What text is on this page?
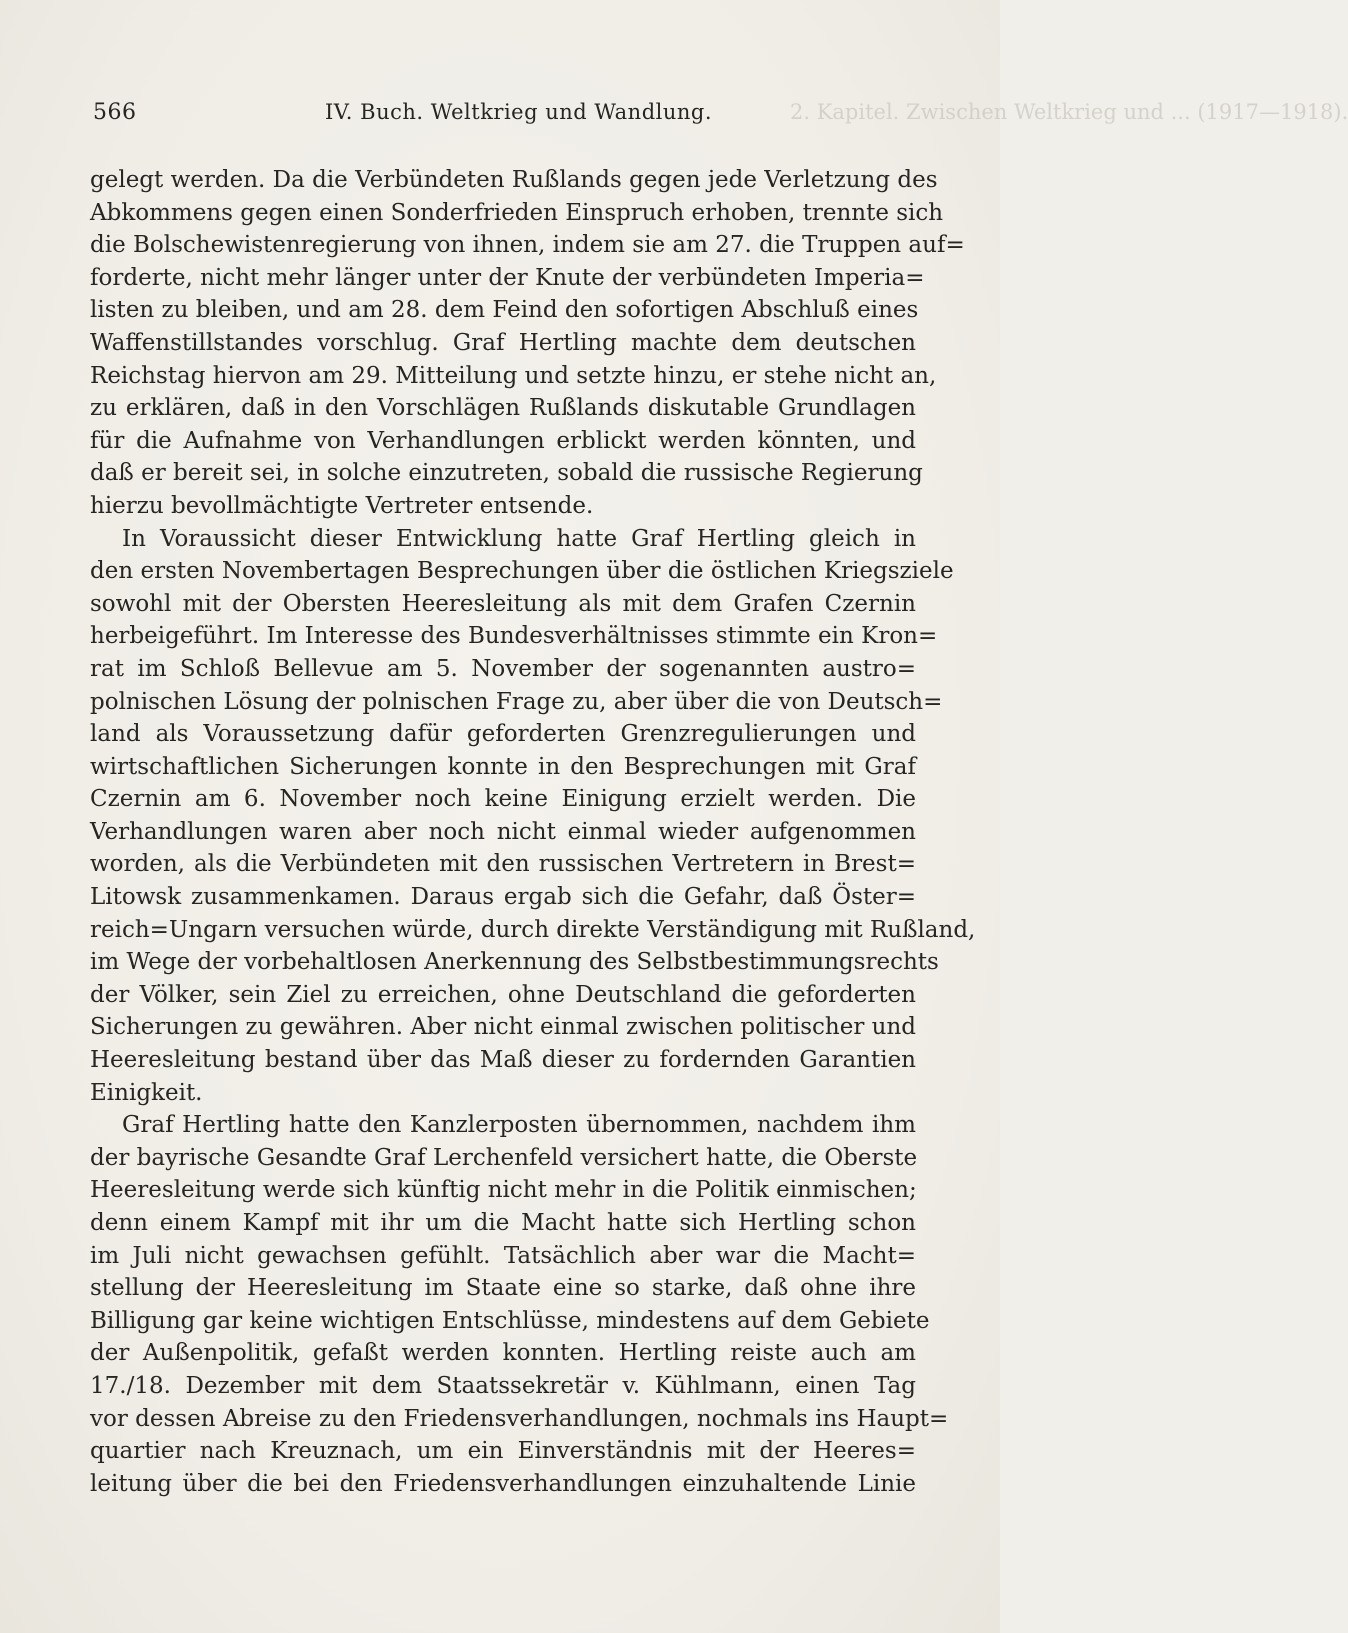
566	IV. Buch. Weltkrieg und Wandlung.	2. Kapitel. Zwischen Weltkrieg und ... (1917—1918).
gelegt werden. Da die Verbündeten Rußlands gegen jede Verletzung des
Abkommens gegen einen Sonderfrieden Einspruch erhoben, trennte sich
die Bolschewistenregierung von ihnen, indem sie am 27. die Truppen auf=
forderte, nicht mehr länger unter der Knute der verbündeten Imperia=
listen zu bleiben, und am 28. dem Feind den sofortigen Abschluß eines
Waffenstillstandes vorschlug. Graf Hertling machte dem deutschen
Reichstag hiervon am 29. Mitteilung und setzte hinzu, er stehe nicht an,
zu erklären, daß in den Vorschlägen Rußlands diskutable Grundlagen
für die Aufnahme von Verhandlungen erblickt werden könnten, und
daß er bereit sei, in solche einzutreten, sobald die russische Regierung
hierzu bevollmächtigte Vertreter entsende.
In Voraussicht dieser Entwicklung hatte Graf Hertling gleich in
den ersten Novembertagen Besprechungen über die östlichen Kriegsziele
sowohl mit der Obersten Heeresleitung als mit dem Grafen Czernin
herbeigeführt. Im Interesse des Bundesverhältnisses stimmte ein Kron=
rat im Schloß Bellevue am 5. November der sogenannten austro=
polnischen Lösung der polnischen Frage zu, aber über die von Deutsch=
land als Voraussetzung dafür geforderten Grenzregulierungen und
wirtschaftlichen Sicherungen konnte in den Besprechungen mit Graf
Czernin am 6. November noch keine Einigung erzielt werden. Die
Verhandlungen waren aber noch nicht einmal wieder aufgenommen
worden, als die Verbündeten mit den russischen Vertretern in Brest=
Litowsk zusammenkamen. Daraus ergab sich die Gefahr, daß Öster=
reich=Ungarn versuchen würde, durch direkte Verständigung mit Rußland,
im Wege der vorbehaltlosen Anerkennung des Selbstbestimmungsrechts
der Völker, sein Ziel zu erreichen, ohne Deutschland die geforderten
Sicherungen zu gewähren. Aber nicht einmal zwischen politischer und
Heeresleitung bestand über das Maß dieser zu fordernden Garantien
Einigkeit.
Graf Hertling hatte den Kanzlerposten übernommen, nachdem ihm
der bayrische Gesandte Graf Lerchenfeld versichert hatte, die Oberste
Heeresleitung werde sich künftig nicht mehr in die Politik einmischen;
denn einem Kampf mit ihr um die Macht hatte sich Hertling schon
im Juli nicht gewachsen gefühlt. Tatsächlich aber war die Macht=
stellung der Heeresleitung im Staate eine so starke, daß ohne ihre
Billigung gar keine wichtigen Entschlüsse, mindestens auf dem Gebiete
der Außenpolitik, gefaßt werden konnten. Hertling reiste auch am
17./18. Dezember mit dem Staatssekretär v. Kühlmann, einen Tag
vor dessen Abreise zu den Friedensverhandlungen, nochmals ins Haupt=
quartier nach Kreuznach, um ein Einverständnis mit der Heeres=
leitung über die bei den Friedensverhandlungen einzuhaltende Linie
